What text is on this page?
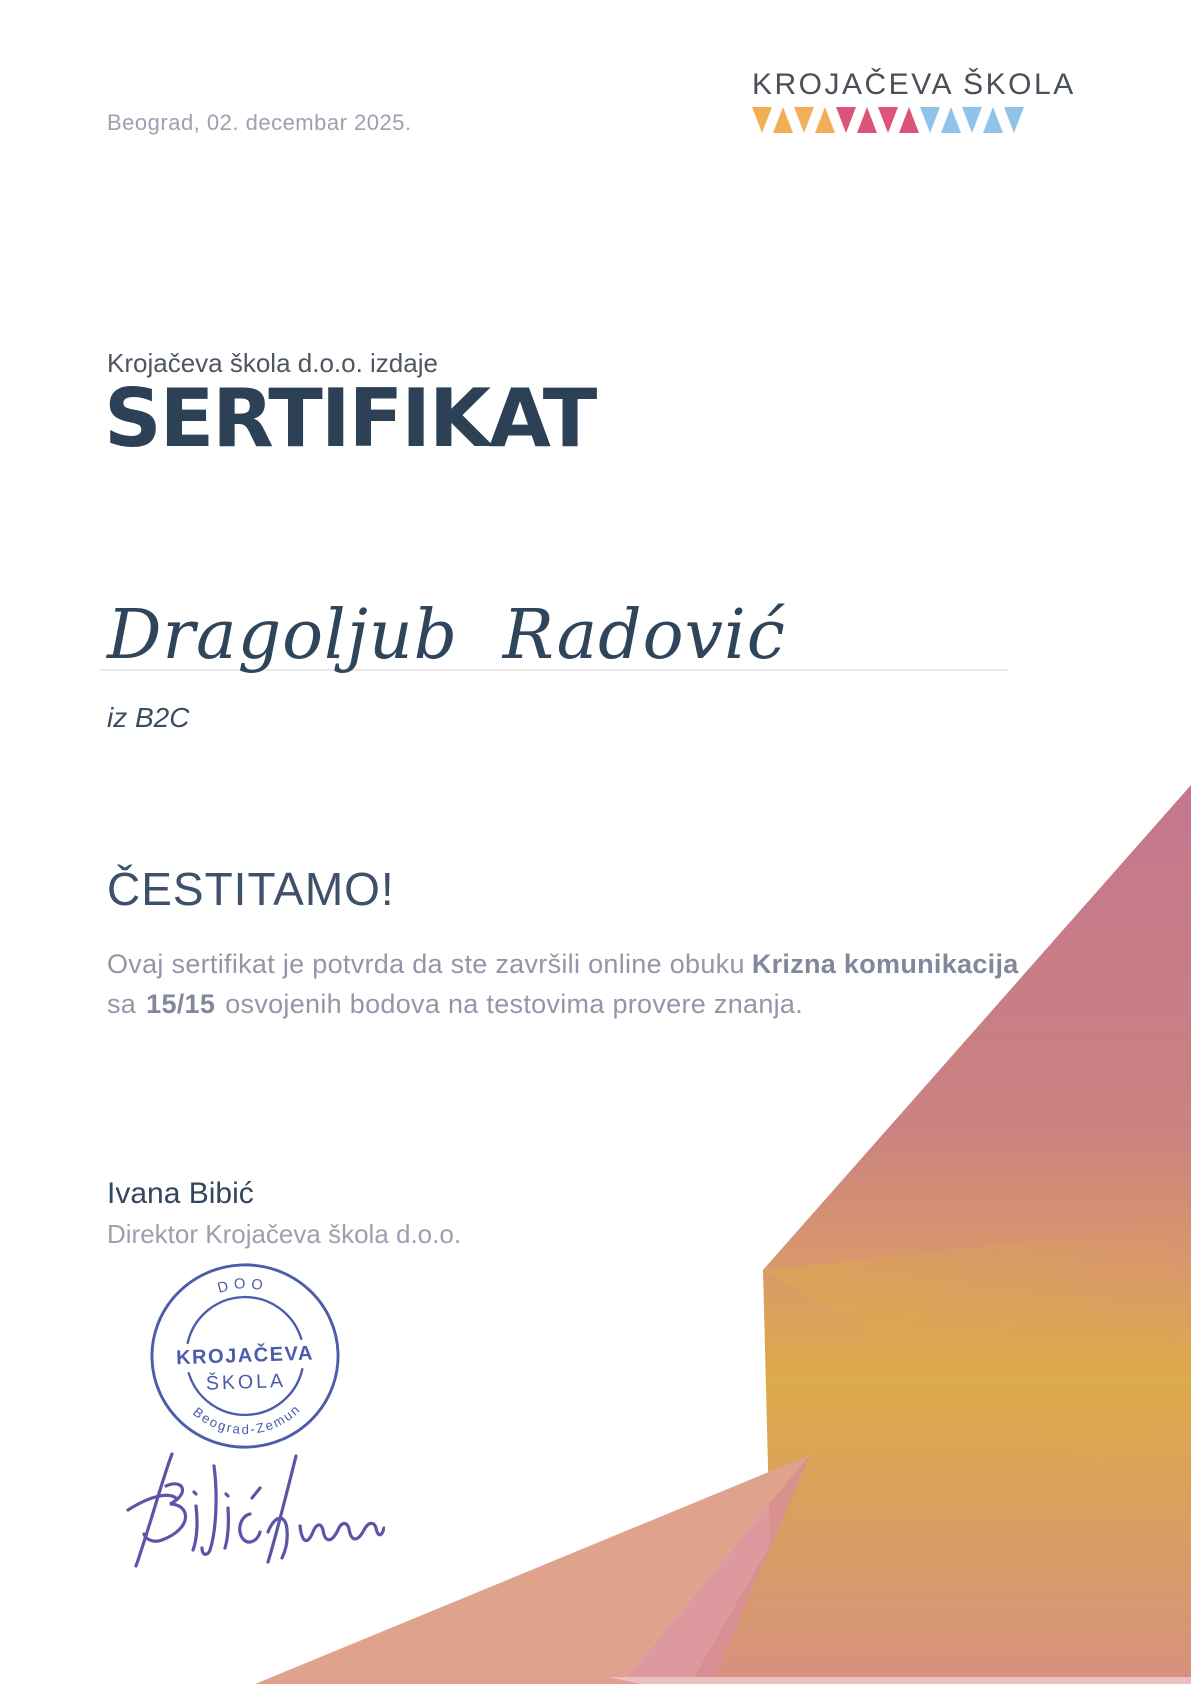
Beograd, 02. decembar 2025.
KROJAČEVA ŠKOLA
Krojačeva škola d.o.o. izdaje
SERTIFIKAT
Dragoljub Radović
iz B2C
ČESTITAMO!
Ovaj sertifikat je potvrda da ste završili online obuku Krizna komunikacija
sa 15/15 osvojenih bodova na testovima provere znanja.
Ivana Bibić
Direktor Krojačeva škola d.o.o.
DOO
KROJAČEVA
ŠKOLA
Beograd-Zemun
